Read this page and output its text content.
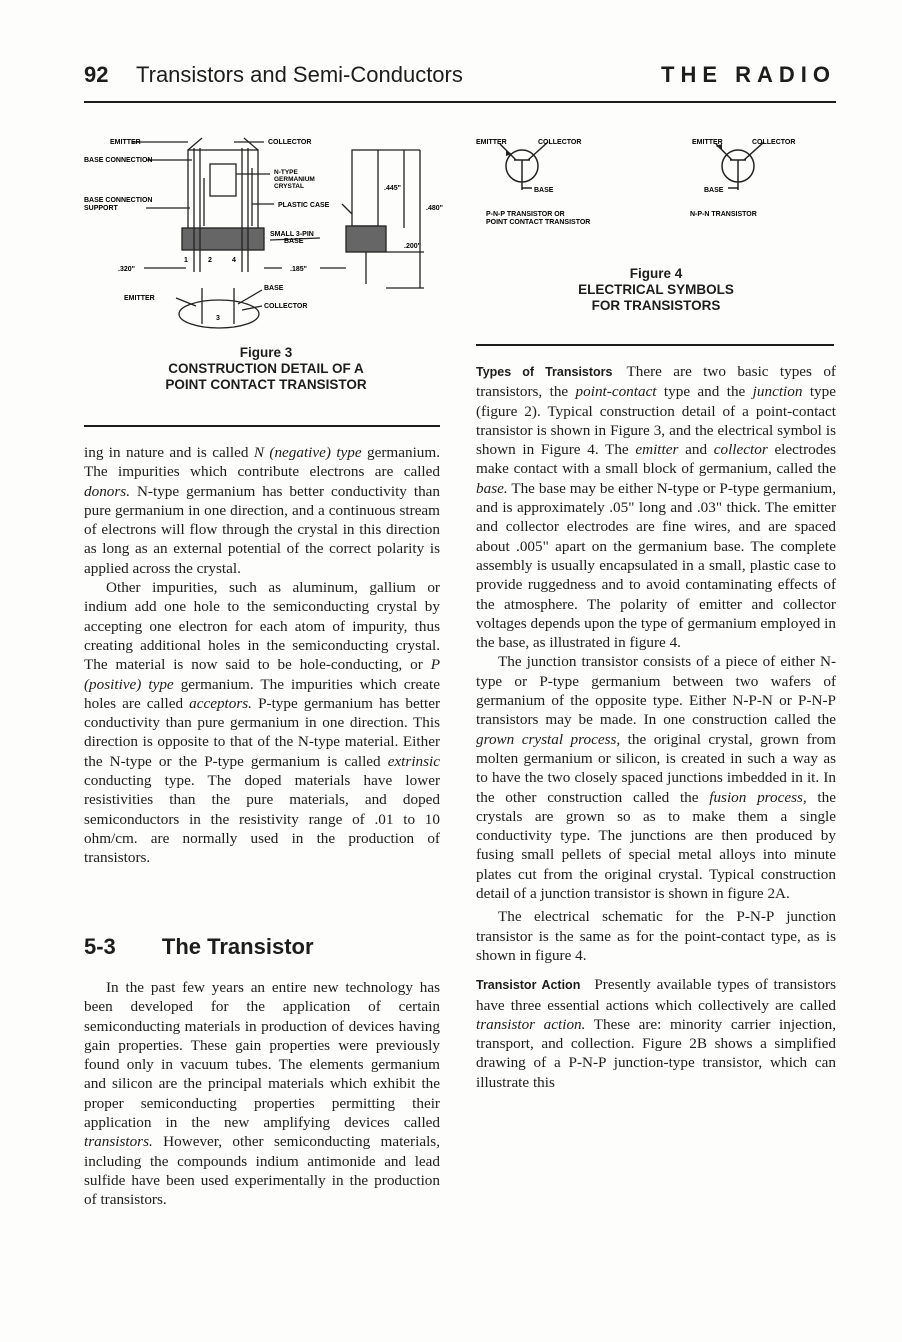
92 Transistors and Semi-Conductors	THE RADIO
EMITTER
BASE CONNECTION
BASE CONNECTION
SUPPORT
COLLECTOR
N-TYPE
GERMANIUM
CRYSTAL
PLASTIC CASE
SMALL 3-PIN
BASE
.445"
.480"
.200"
.320"	.185"
1	2
3
4
EMITTER
BASE
COLLECTOR
Figure 3
CONSTRUCTION DETAIL OF A
POINT CONTACT TRANSISTOR
EMITTER	COLLECTOR
BASE
P-N-P TRANSISTOR OR
POINT CONTACT TRANSISTOR
EMITTER	COLLECTOR
BASE
N-P-N TRANSISTOR
Figure 4
ELECTRICAL SYMBOLS
FOR TRANSISTORS

ing in nature and is called N (negative) type germanium. The impurities which contribute electrons are called donors. N-type germanium has better conductivity than pure germanium in one direction, and a continuous stream of electrons will flow through the crystal in this direction as long as an external potential of the correct polarity is applied across the crystal.

Other impurities, such as aluminum, gallium or indium add one hole to the semiconducting crystal by accepting one electron for each atom of impurity, thus creating additional holes in the semiconducting crystal. The material is now said to be hole-conducting, or P (positive) type germanium. The impurities which create holes are called acceptors. P-type germanium has better conductivity than pure germanium in one direction. This direction is opposite to that of the N-type material. Either the N-type or the P-type germanium is called extrinsic conducting type. The doped materials have lower resistivities than the pure materials, and doped semiconductors in the resistivity range of .01 to 10 ohm/cm. are normally used in the production of transistors.

5-3 The Transistor

In the past few years an entire new technology has been developed for the application of certain semiconducting materials in production of devices having gain properties. These gain properties were previously found only in vacuum tubes. The elements germanium and silicon are the principal materials which exhibit the proper semiconducting properties permitting their application in the new amplifying devices called transistors. However, other semiconducting materials, including the compounds indium antimonide and lead sulfide have been used experimentally in the production of transistors.

Types of Transistors There are two basic types of transistors, the point-contact type and the junction type (figure 2). Typical construction detail of a point-contact transistor is shown in Figure 3, and the electrical symbol is shown in Figure 4. The emitter and collector electrodes make contact with a small block of germanium, called the base. The base may be either N-type or P-type germanium, and is approximately .05" long and .03" thick. The emitter and collector electrodes are fine wires, and are spaced about .005" apart on the germanium base. The complete assembly is usually encapsulated in a small, plastic case to provide ruggedness and to avoid contaminating effects of the atmosphere. The polarity of emitter and collector voltages depends upon the type of germanium employed in the base, as illustrated in figure 4.

The junction transistor consists of a piece of either N-type or P-type germanium between two wafers of germanium of the opposite type. Either N-P-N or P-N-P transistors may be made. In one construction called the grown crystal process, the original crystal, grown from molten germanium or silicon, is created in such a way as to have the two closely spaced junctions imbedded in it. In the other construction called the fusion process, the crystals are grown so as to make them a single conductivity type. The junctions are then produced by fusing small pellets of special metal alloys into minute plates cut from the original crystal. Typical construction detail of a junction transistor is shown in figure 2A.

The electrical schematic for the P-N-P junction transistor is the same as for the point-contact type, as is shown in figure 4.

Transistor Action Presently available types of transistors have three essential actions which collectively are called transistor action. These are: minority carrier injection, transport, and collection. Figure 2B shows a simplified drawing of a P-N-P junction-type transistor, which can illustrate this
